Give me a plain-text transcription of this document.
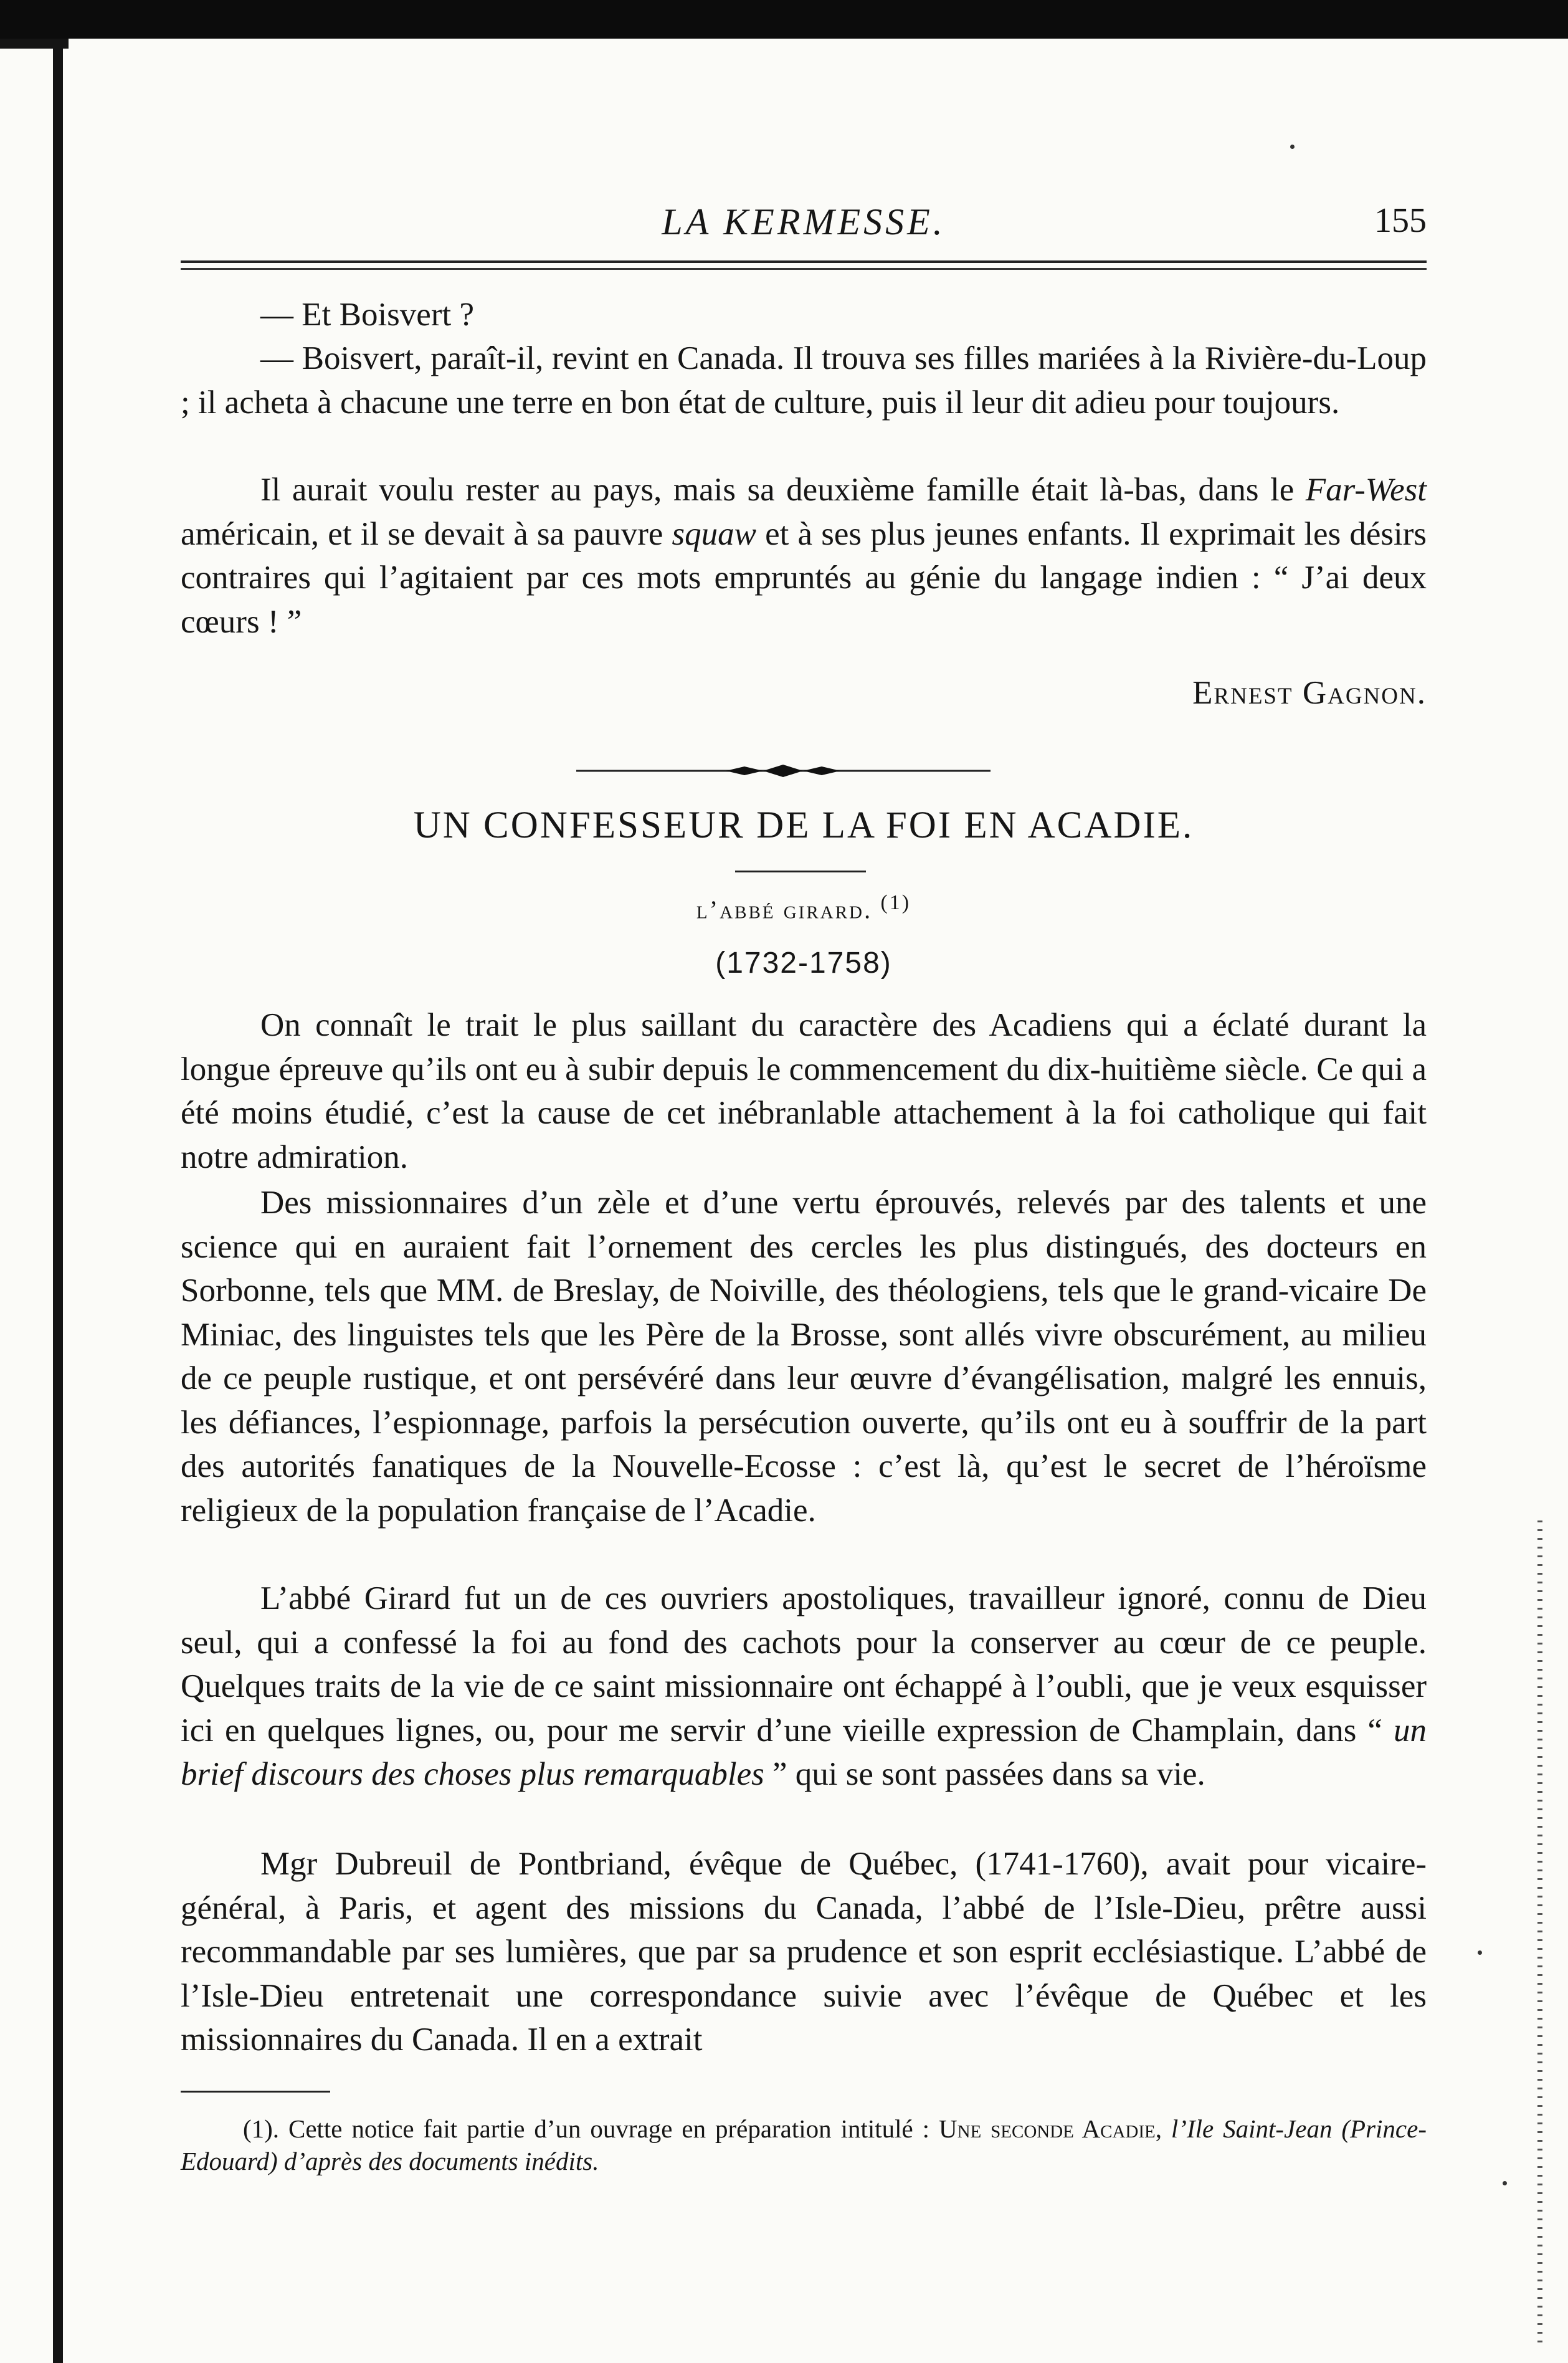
LA KERMESSE.	155

— Et Boisvert ?

— Boisvert, paraît-il, revint en Canada. Il trouva ses filles mariées à la Rivière-du-Loup ; il acheta à chacune une terre en bon état de culture, puis il leur dit adieu pour toujours.

Il aurait voulu rester au pays, mais sa deuxième famille était là-bas, dans le Far-West américain, et il se devait à sa pauvre squaw et à ses plus jeunes enfants. Il exprimait les désirs contraires qui l’agitaient par ces mots empruntés au génie du langage indien : “ J’ai deux cœurs ! ”

Ernest Gagnon.
UN CONFESSEUR DE LA FOI EN ACADIE.
l’abbé girard. $^{(1)}$
(1732-1758)

On connaît le trait le plus saillant du caractère des Acadiens qui a éclaté durant la longue épreuve qu’ils ont eu à subir depuis le commencement du dix-huitième siècle. Ce qui a été moins étudié, c’est la cause de cet inébranlable attachement à la foi catholique qui fait notre admiration.

Des missionnaires d’un zèle et d’une vertu éprouvés, relevés par des talents et une science qui en auraient fait l’ornement des cercles les plus distingués, des docteurs en Sorbonne, tels que MM. de Breslay, de Noiville, des théologiens, tels que le grand-vicaire De Miniac, des linguistes tels que les Père de la Brosse, sont allés vivre obscurément, au milieu de ce peuple rustique, et ont persévéré dans leur œuvre d’évangélisation, malgré les ennuis, les défiances, l’espionnage, parfois la persécution ouverte, qu’ils ont eu à souffrir de la part des autorités fanatiques de la Nouvelle-Ecosse : c’est là, qu’est le secret de l’héroïsme religieux de la population française de l’Acadie.

L’abbé Girard fut un de ces ouvriers apostoliques, travailleur ignoré, connu de Dieu seul, qui a confessé la foi au fond des cachots pour la conserver au cœur de ce peuple. Quelques traits de la vie de ce saint missionnaire ont échappé à l’oubli, que je veux esquisser ici en quelques lignes, ou, pour me servir d’une vieille expression de Champlain, dans “ un brief discours des choses plus remarquables ” qui se sont passées dans sa vie.

Mgr Dubreuil de Pontbriand, évêque de Québec, (1741-1760), avait pour vicaire-général, à Paris, et agent des missions du Canada, l’abbé de l’Isle-Dieu, prêtre aussi recommandable par ses lumières, que par sa prudence et son esprit ecclésiastique. L’abbé de l’Isle-Dieu entretenait une correspondance suivie avec l’évêque de Québec et les missionnaires du Canada. Il en a extrait

(1). Cette notice fait partie d’un ouvrage en préparation intitulé : Une seconde Acadie, l’Ile Saint-Jean (Prince-Edouard) d’après des documents inédits.
